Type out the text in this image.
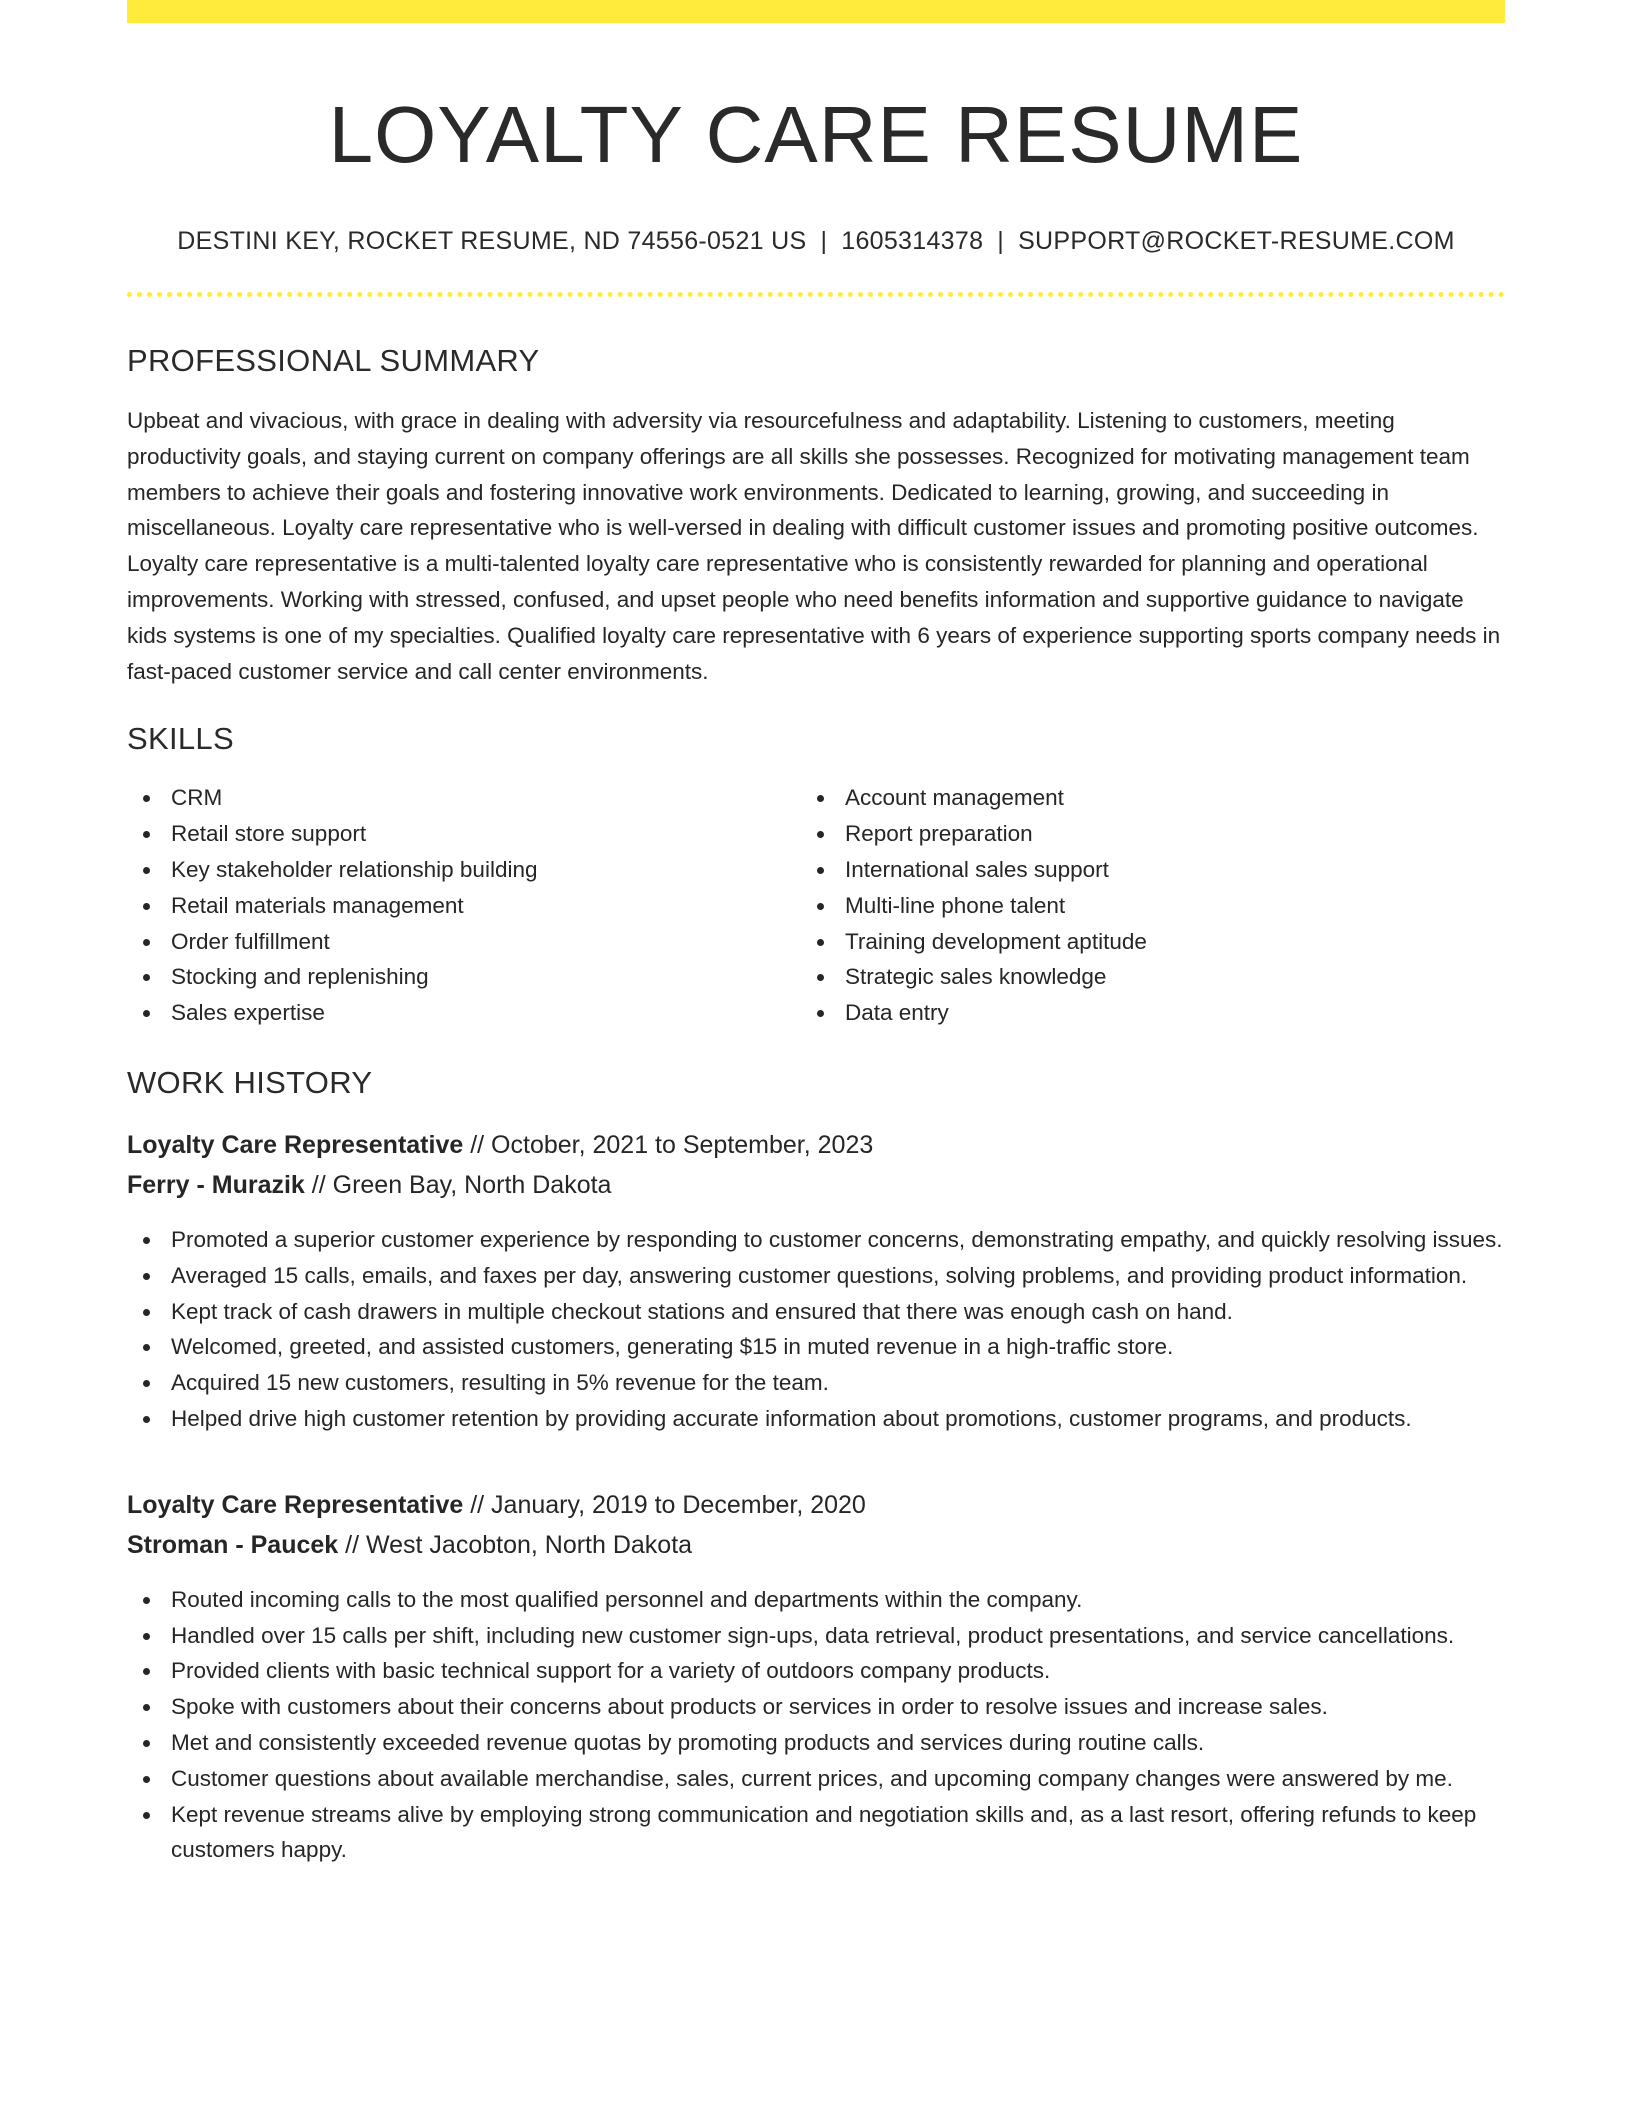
LOYALTY CARE RESUME
DESTINI KEY, ROCKET RESUME, ND 74556-0521 US | 1605314378 | SUPPORT@ROCKET-RESUME.COM
PROFESSIONAL SUMMARY

Upbeat and vivacious, with grace in dealing with adversity via resourcefulness and adaptability. Listening to customers, meeting productivity goals, and staying current on company offerings are all skills she possesses. Recognized for motivating management team members to achieve their goals and fostering innovative work environments. Dedicated to learning, growing, and succeeding in miscellaneous. Loyalty care representative who is well-versed in dealing with difficult customer issues and promoting positive outcomes. Loyalty care representative is a multi-talented loyalty care representative who is consistently rewarded for planning and operational improvements. Working with stressed, confused, and upset people who need benefits information and supportive guidance to navigate kids systems is one of my specialties. Qualified loyalty care representative with 6 years of experience supporting sports company needs in fast-paced customer service and call center environments.

SKILLS
CRM
Retail store support
Key stakeholder relationship building
Retail materials management
Order fulfillment
Stocking and replenishing
Sales expertise
Account management
Report preparation
International sales support
Multi-line phone talent
Training development aptitude
Strategic sales knowledge
Data entry
WORK HISTORY
Loyalty Care Representative // October, 2021 to September, 2023
Ferry - Murazik // Green Bay, North Dakota
Promoted a superior customer experience by responding to customer concerns, demonstrating empathy, and quickly resolving issues.
Averaged 15 calls, emails, and faxes per day, answering customer questions, solving problems, and providing product information.
Kept track of cash drawers in multiple checkout stations and ensured that there was enough cash on hand.
Welcomed, greeted, and assisted customers, generating $15 in muted revenue in a high-traffic store.
Acquired 15 new customers, resulting in 5% revenue for the team.
Helped drive high customer retention by providing accurate information about promotions, customer programs, and products.
Loyalty Care Representative // January, 2019 to December, 2020
Stroman - Paucek // West Jacobton, North Dakota
Routed incoming calls to the most qualified personnel and departments within the company.
Handled over 15 calls per shift, including new customer sign-ups, data retrieval, product presentations, and service cancellations.
Provided clients with basic technical support for a variety of outdoors company products.
Spoke with customers about their concerns about products or services in order to resolve issues and increase sales.
Met and consistently exceeded revenue quotas by promoting products and services during routine calls.
Customer questions about available merchandise, sales, current prices, and upcoming company changes were answered by me.
Kept revenue streams alive by employing strong communication and negotiation skills and, as a last resort, offering refunds to keep customers happy.
